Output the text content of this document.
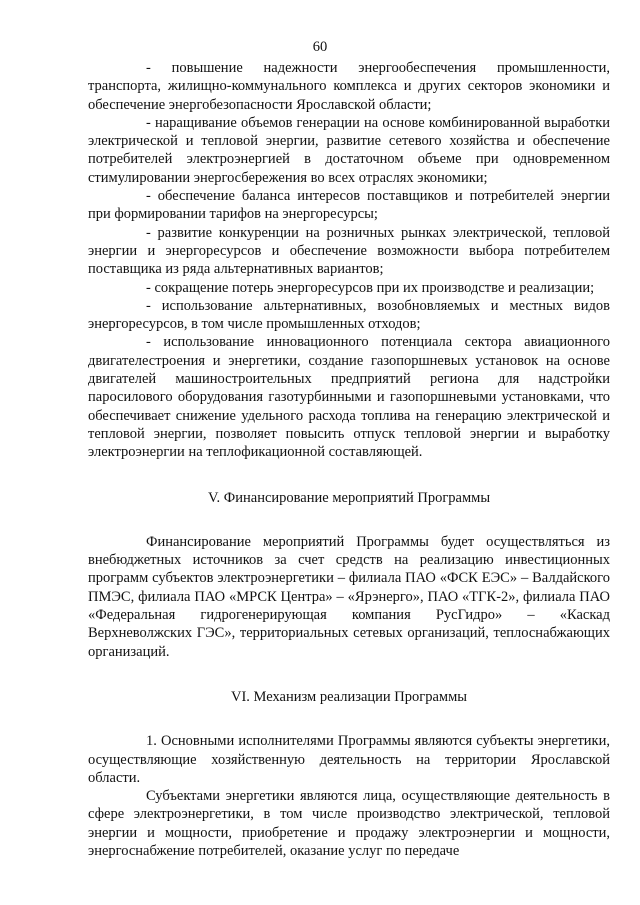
60

- повышение надежности энергообеспечения промышленности, транспорта, жилищно-коммунального комплекса и других секторов экономики и обеспечение энергобезопасности Ярославской области;

- наращивание объемов генерации на основе комбинированной выработки электрической и тепловой энергии, развитие сетевого хозяйства и обеспечение потребителей электроэнергией в достаточном объеме при одновременном стимулировании энергосбережения во всех отраслях экономики;

- обеспечение баланса интересов поставщиков и потребителей энергии при формировании тарифов на энергоресурсы;

- развитие конкуренции на розничных рынках электрической, тепловой энергии и энергоресурсов и обеспечение возможности выбора потребителем поставщика из ряда альтернативных вариантов;

- сокращение потерь энергоресурсов при их производстве и реализации;

- использование альтернативных, возобновляемых и местных видов энергоресурсов, в том числе промышленных отходов;

- использование инновационного потенциала сектора авиационного двигателестроения и энергетики, создание газопоршневых установок на основе двигателей машиностроительных предприятий региона для надстройки паросилового оборудования газотурбинными и газопоршневыми установками, что обеспечивает снижение удельного расхода топлива на генерацию электрической и тепловой энергии, позволяет повысить отпуск тепловой энергии и выработку электроэнергии на теплофикационной составляющей.

V. Финансирование мероприятий Программы

Финансирование мероприятий Программы будет осуществляться из внебюджетных источников за счет средств на реализацию инвестиционных программ субъектов электроэнергетики – филиала ПАО «ФСК ЕЭС» – Валдайского ПМЭС, филиала ПАО «МРСК Центра» – «Ярэнерго», ПАО «ТГК-2», филиала ПАО «Федеральная гидрогенерирующая компания РусГидро» – «Каскад Верхневолжских ГЭС», территориальных сетевых организаций, теплоснабжающих организаций.

VI. Механизм реализации Программы

1. Основными исполнителями Программы являются субъекты энергетики, осуществляющие хозяйственную деятельность на территории Ярославской области.

Субъектами энергетики являются лица, осуществляющие деятельность в сфере электроэнергетики, в том числе производство электрической, тепловой энергии и мощности, приобретение и продажу электроэнергии и мощности, энергоснабжение потребителей, оказание услуг по передаче
